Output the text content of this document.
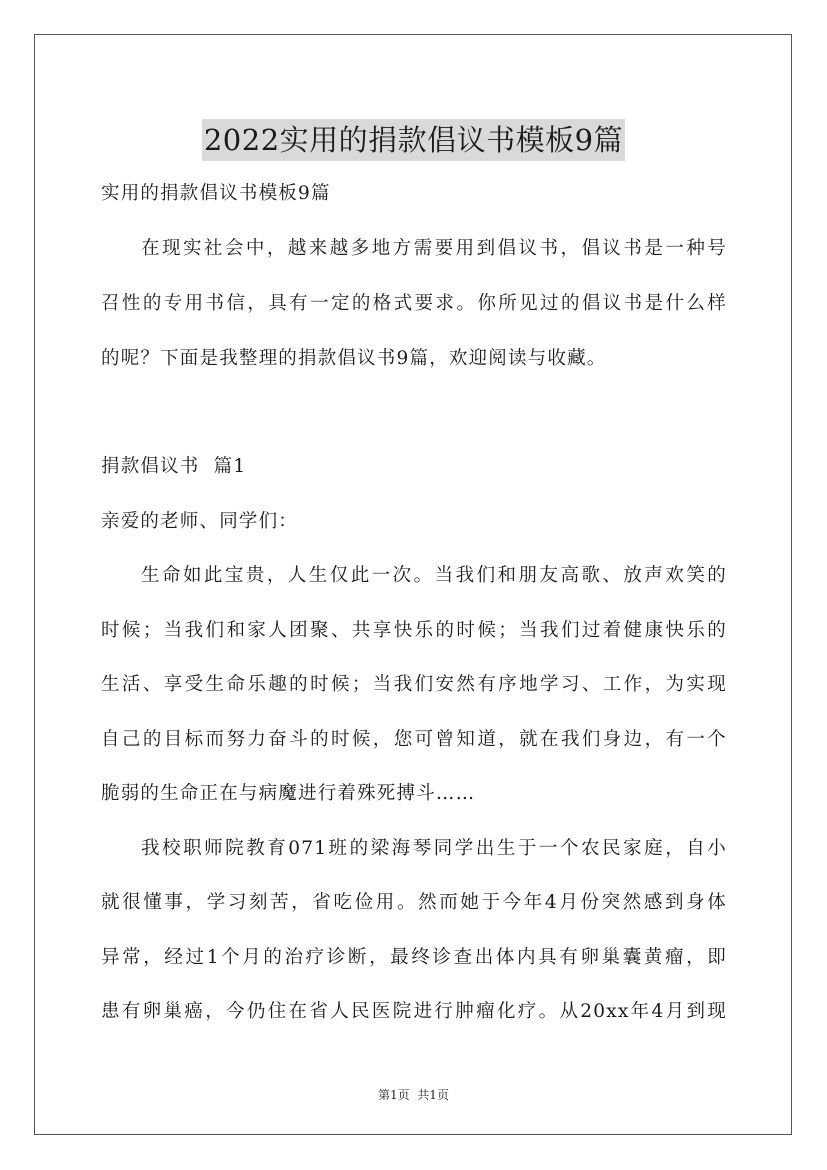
2022实用的捐款倡议书模板9篇
实用的捐款倡议书模板9篇
在现实社会中，越来越多地方需要用到倡议书，倡议书是一种号
召性的专用书信，具有一定的格式要求。你所见过的倡议书是什么样
的呢？下面是我整理的捐款倡议书9篇，欢迎阅读与收藏。
捐款倡议书  篇1
亲爱的老师、同学们：
生命如此宝贵，人生仅此一次。当我们和朋友高歌、放声欢笑的
时候；当我们和家人团聚、共享快乐的时候；当我们过着健康快乐的
生活、享受生命乐趣的时候；当我们安然有序地学习、工作，为实现
自己的目标而努力奋斗的时候，您可曾知道，就在我们身边，有一个
脆弱的生命正在与病魔进行着殊死搏斗……
我校职师院教育071班的梁海琴同学出生于一个农民家庭，自小
就很懂事，学习刻苦，省吃俭用。然而她于今年4月份突然感到身体
异常，经过1个月的治疗诊断，最终诊查出体内具有卵巢囊黄瘤，即
患有卵巢癌，今仍住在省人民医院进行肿瘤化疗。从20xx年4月到现
第1页  共1页
